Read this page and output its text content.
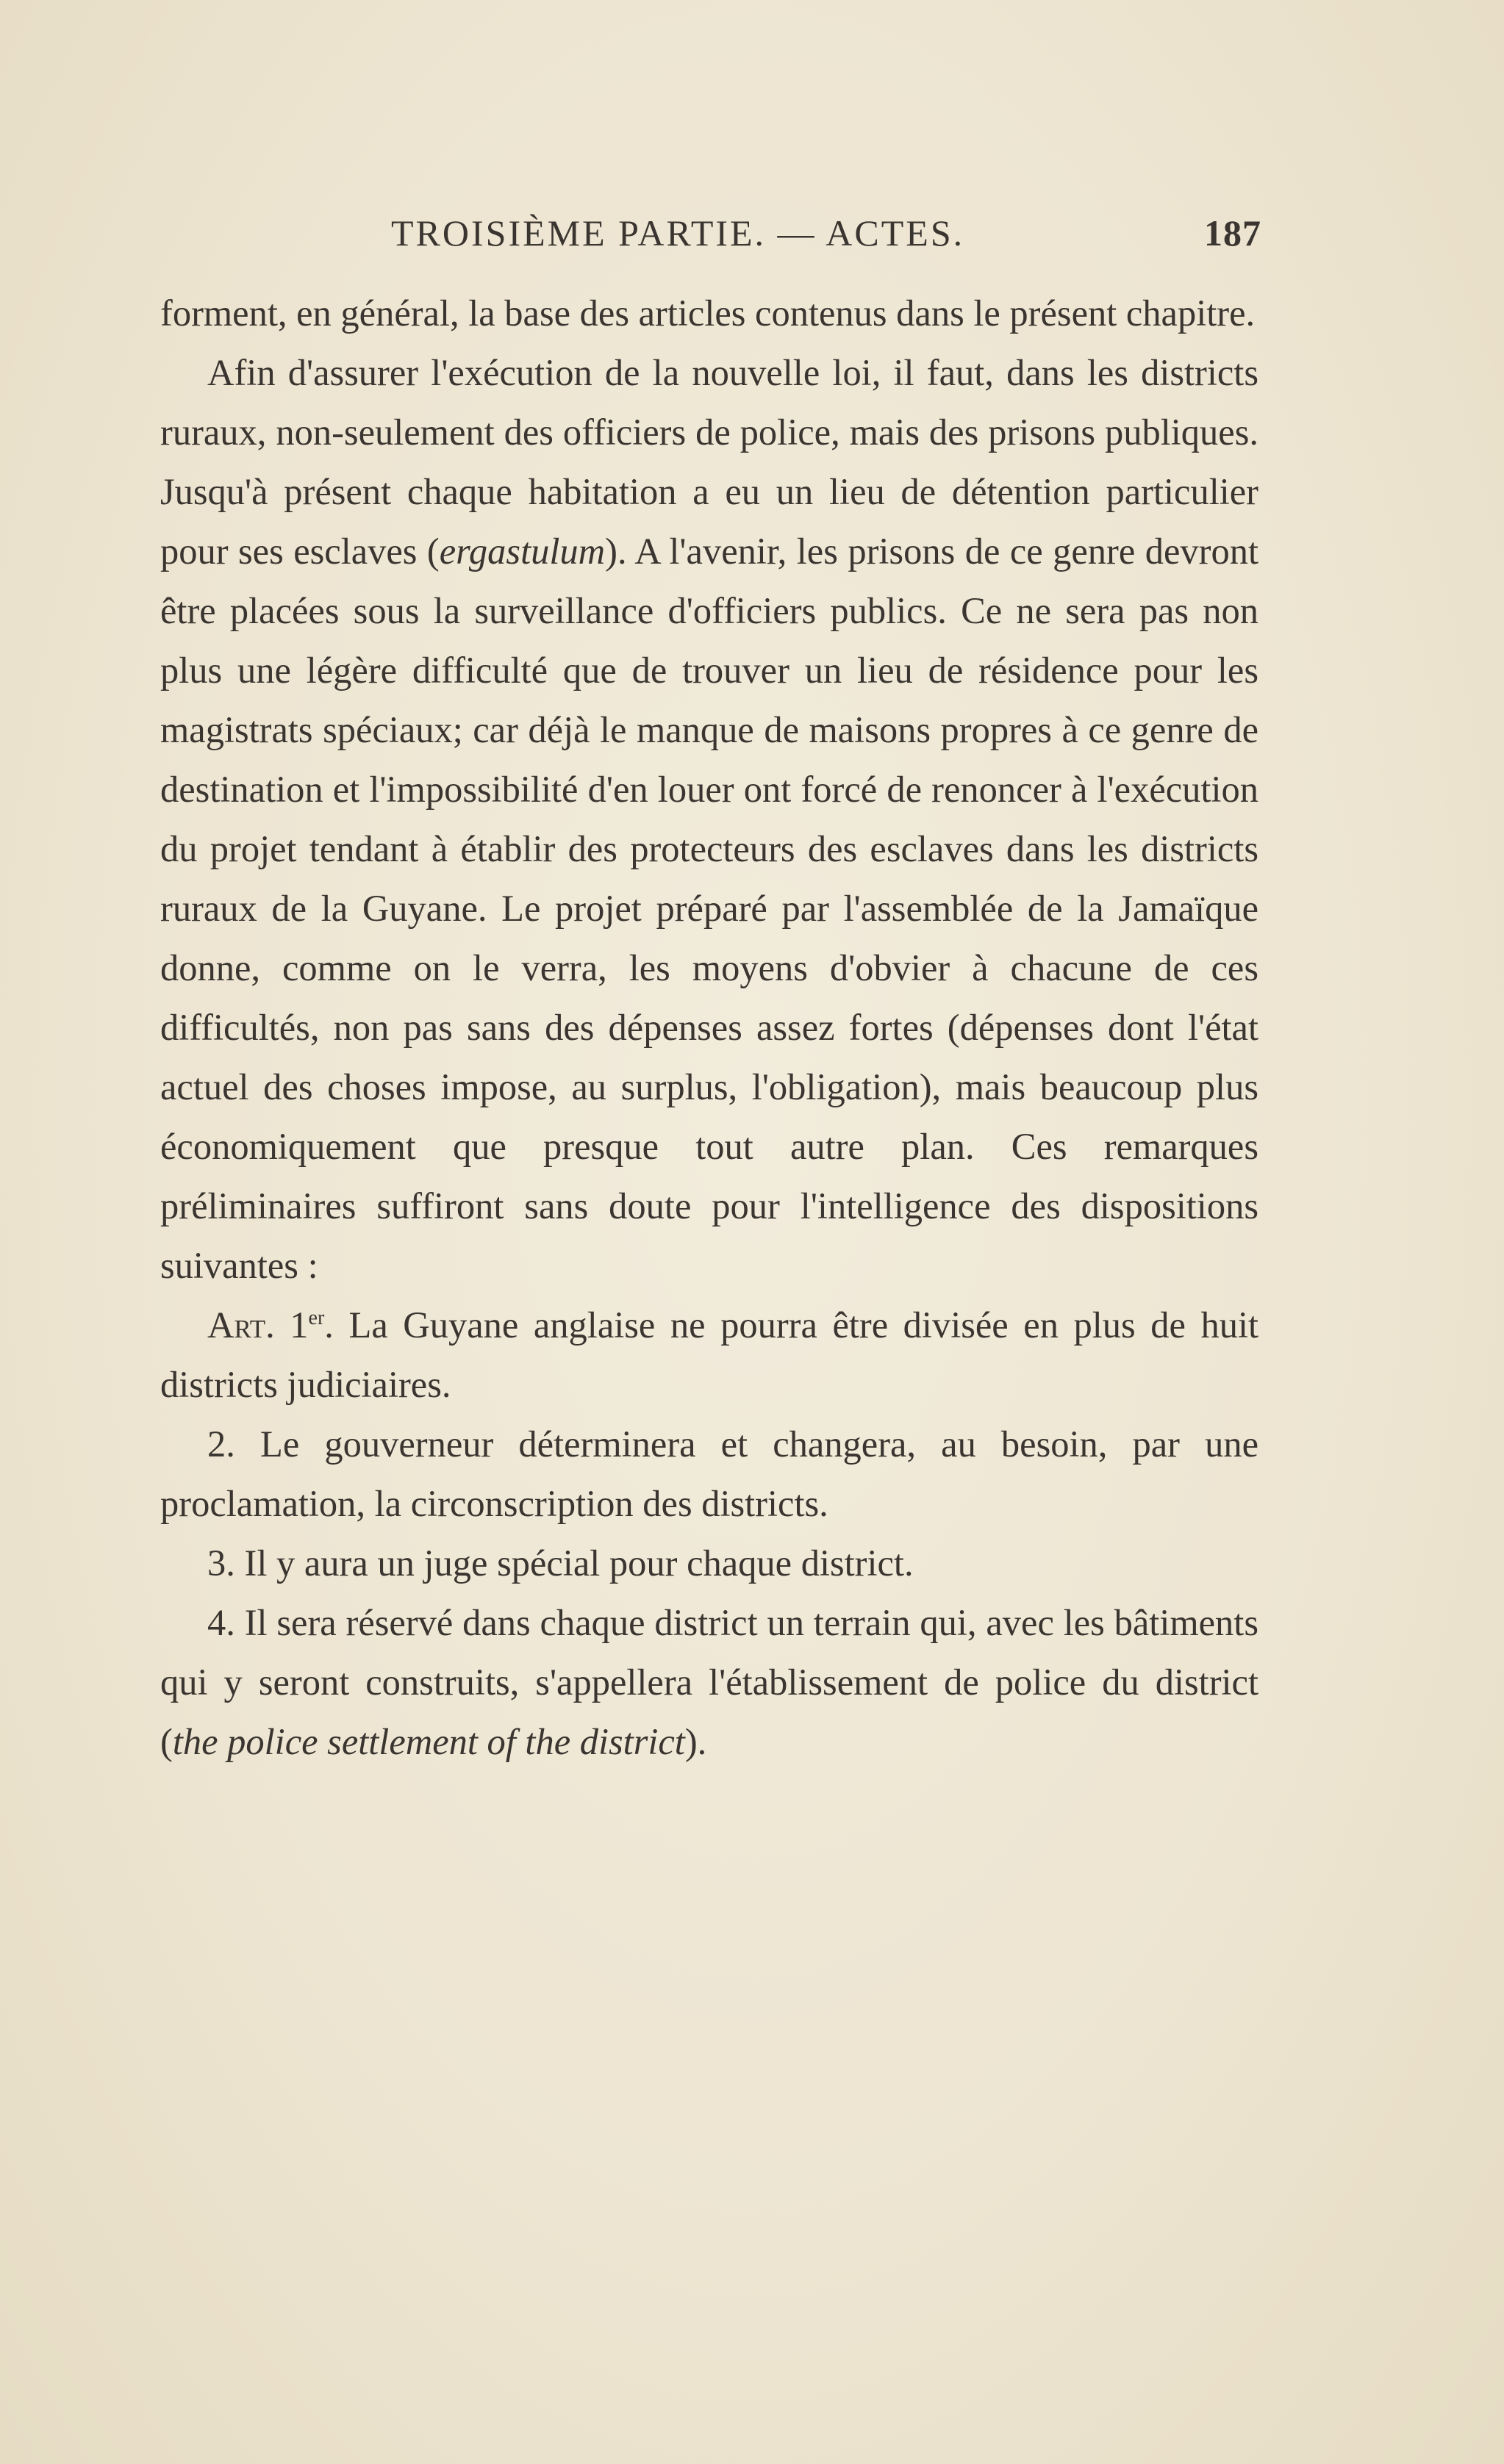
TROISIÈME PARTIE. — ACTES.	187

forment, en général, la base des articles contenus dans le présent chapitre.

Afin d'assurer l'exécution de la nouvelle loi, il faut, dans les districts ruraux, non-seulement des officiers de police, mais des prisons publiques. Jusqu'à présent chaque habitation a eu un lieu de détention particulier pour ses esclaves (ergastulum). A l'avenir, les prisons de ce genre devront être placées sous la surveillance d'officiers publics. Ce ne sera pas non plus une légère difficulté que de trouver un lieu de résidence pour les magistrats spéciaux; car déjà le manque de maisons propres à ce genre de destination et l'impossibilité d'en louer ont forcé de renoncer à l'exécution du projet tendant à établir des protecteurs des esclaves dans les districts ruraux de la Guyane. Le projet préparé par l'assemblée de la Jamaïque donne, comme on le verra, les moyens d'obvier à chacune de ces difficultés, non pas sans des dépenses assez fortes (dépenses dont l'état actuel des choses impose, au surplus, l'obligation), mais beaucoup plus économiquement que presque tout autre plan. Ces remarques préliminaires suffiront sans doute pour l'intelligence des dispositions suivantes :

Art. 1er. La Guyane anglaise ne pourra être divisée en plus de huit districts judiciaires.

2. Le gouverneur déterminera et changera, au besoin, par une proclamation, la circonscription des districts.

3. Il y aura un juge spécial pour chaque district.

4. Il sera réservé dans chaque district un terrain qui, avec les bâtiments qui y seront construits, s'appellera l'établissement de police du district (the police settlement of the district).
